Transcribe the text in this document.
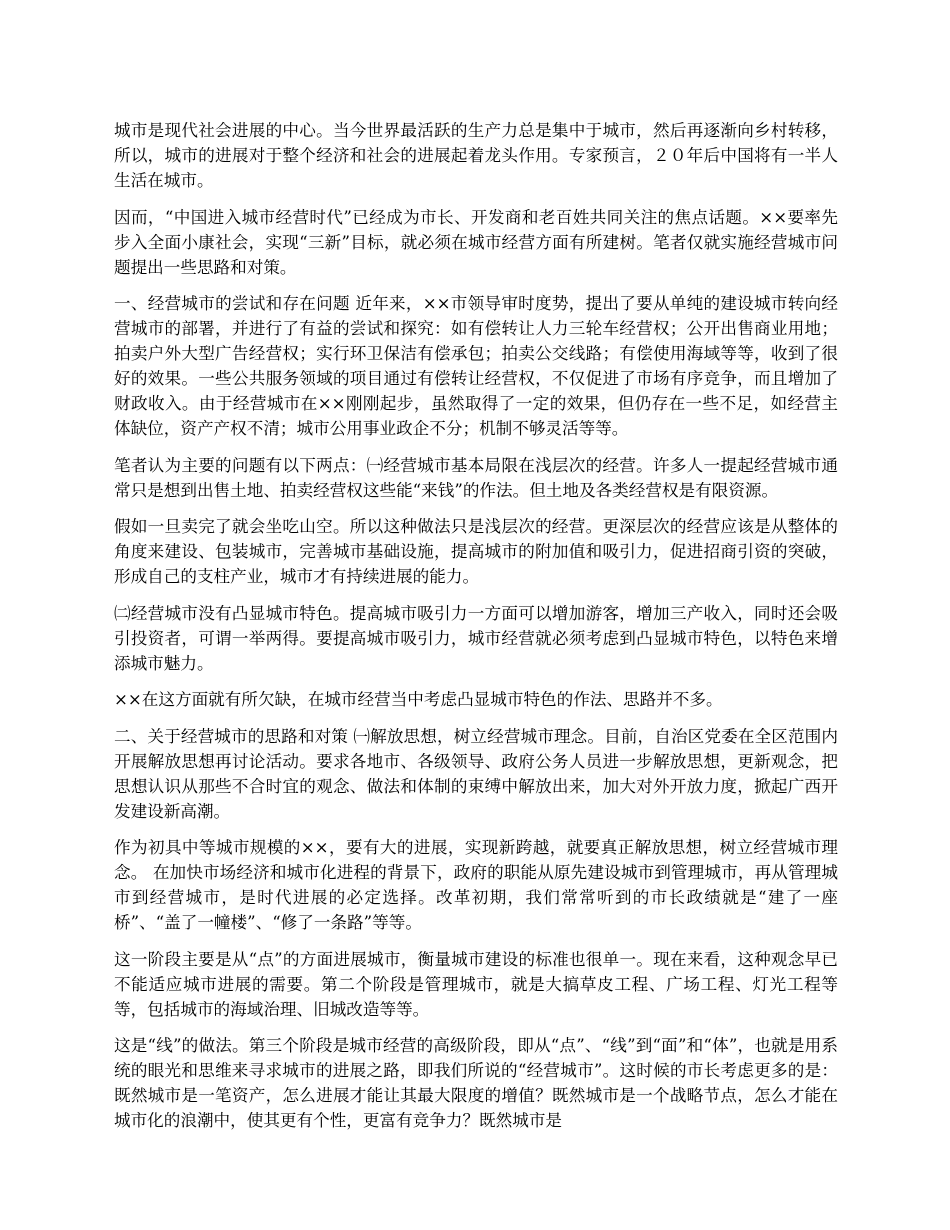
城市是现代社会进展的中心。当今世界最活跃的生产力总是集中于城市，然后再逐渐向乡村转移，所以，城市的进展对于整个经济和社会的进展起着龙头作用。专家预言，２０年后中国将有一半人生活在城市。

因而，“中国进入城市经营时代”已经成为市长、开发商和老百姓共同关注的焦点话题。××要率先步入全面小康社会，实现“三新”目标，就必须在城市经营方面有所建树。笔者仅就实施经营城市问题提出一些思路和对策。

一、经营城市的尝试和存在问题 近年来，××市领导审时度势，提出了要从单纯的建设城市转向经营城市的部署，并进行了有益的尝试和探究：如有偿转让人力三轮车经营权；公开出售商业用地；拍卖户外大型广告经营权；实行环卫保洁有偿承包；拍卖公交线路；有偿使用海域等等，收到了很好的效果。一些公共服务领域的项目通过有偿转让经营权，不仅促进了市场有序竞争，而且增加了财政收入。由于经营城市在××刚刚起步，虽然取得了一定的效果，但仍存在一些不足，如经营主体缺位，资产产权不清；城市公用事业政企不分；机制不够灵活等等。

笔者认为主要的问题有以下两点：㈠经营城市基本局限在浅层次的经营。许多人一提起经营城市通常只是想到出售土地、拍卖经营权这些能“来钱”的作法。但土地及各类经营权是有限资源。

假如一旦卖完了就会坐吃山空。所以这种做法只是浅层次的经营。更深层次的经营应该是从整体的角度来建设、包装城市，完善城市基础设施，提高城市的附加值和吸引力，促进招商引资的突破，形成自己的支柱产业，城市才有持续进展的能力。

㈡经营城市没有凸显城市特色。提高城市吸引力一方面可以增加游客，增加三产收入，同时还会吸引投资者，可谓一举两得。要提高城市吸引力，城市经营就必须考虑到凸显城市特色，以特色来增添城市魅力。

××在这方面就有所欠缺，在城市经营当中考虑凸显城市特色的作法、思路并不多。

二、关于经营城市的思路和对策 ㈠解放思想，树立经营城市理念。目前，自治区党委在全区范围内开展解放思想再讨论活动。要求各地市、各级领导、政府公务人员进一步解放思想，更新观念，把思想认识从那些不合时宜的观念、做法和体制的束缚中解放出来，加大对外开放力度，掀起广西开发建设新高潮。

作为初具中等城市规模的××，要有大的进展，实现新跨越，就要真正解放思想，树立经营城市理念。 在加快市场经济和城市化进程的背景下，政府的职能从原先建设城市到管理城市，再从管理城市到经营城市，是时代进展的必定选择。改革初期，我们常常听到的市长政绩就是“建了一座桥”、“盖了一幢楼”、“修了一条路”等等。

这一阶段主要是从“点”的方面进展城市，衡量城市建设的标准也很单一。现在来看，这种观念早已不能适应城市进展的需要。第二个阶段是管理城市，就是大搞草皮工程、广场工程、灯光工程等等，包括城市的海域治理、旧城改造等等。

这是“线”的做法。第三个阶段是城市经营的高级阶段，即从“点”、“线”到“面”和“体”，也就是用系统的眼光和思维来寻求城市的进展之路，即我们所说的“经营城市”。这时候的市长考虑更多的是：既然城市是一笔资产，怎么进展才能让其最大限度的增值？既然城市是一个战略节点，怎么才能在城市化的浪潮中，使其更有个性，更富有竞争力？既然城市是
